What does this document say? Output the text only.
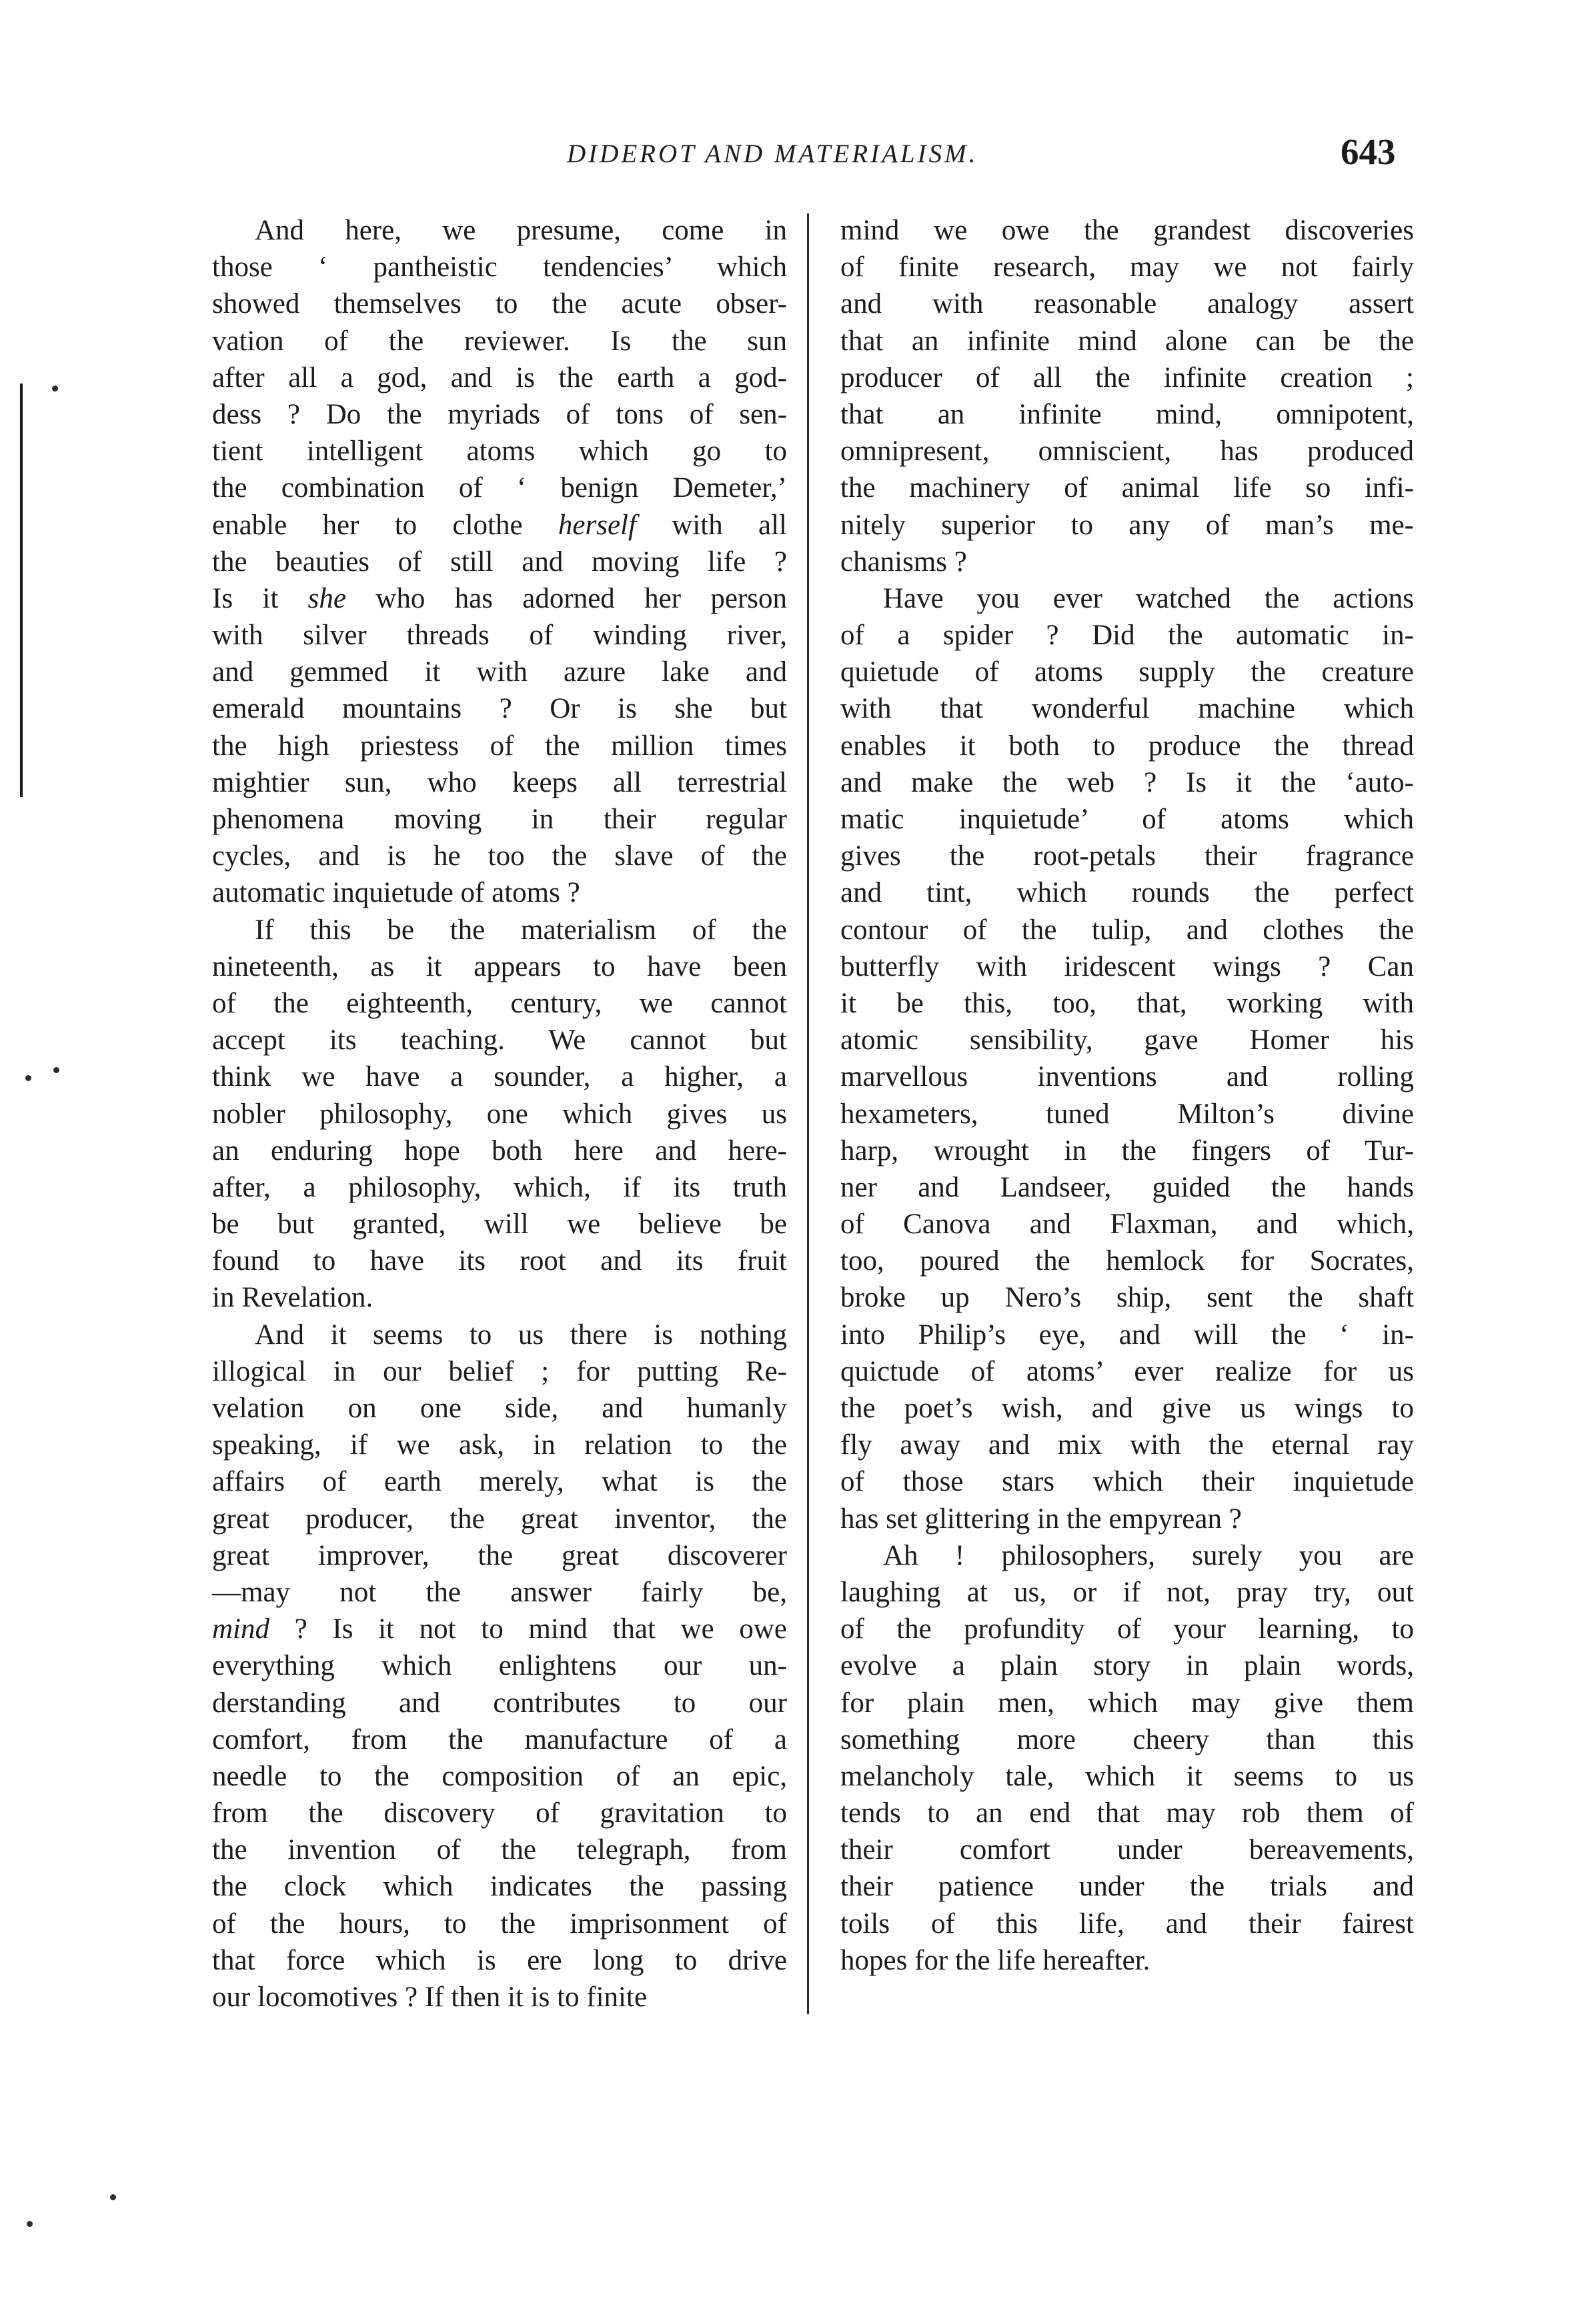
DIDEROT AND MATERIALISM.	643
And here, we presume, come in
those ‘ pantheistic tendencies’ which
showed themselves to the acute obser-
vation of the reviewer. Is the sun
after all a god, and is the earth a god-
dess ? Do the myriads of tons of sen-
tient intelligent atoms which go to
the combination of ‘ benign Demeter,’
enable her to clothe herself with all
the beauties of still and moving life ?
Is it she who has adorned her person
with silver threads of winding river,
and gemmed it with azure lake and
emerald mountains ? Or is she but
the high priestess of the million times
mightier sun, who keeps all terrestrial
phenomena moving in their regular
cycles, and is he too the slave of the
automatic inquietude of atoms ?
If this be the materialism of the
nineteenth, as it appears to have been
of the eighteenth, century, we cannot
accept its teaching. We cannot but
think we have a sounder, a higher, a
nobler philosophy, one which gives us
an enduring hope both here and here-
after, a philosophy, which, if its truth
be but granted, will we believe be
found to have its root and its fruit
in Revelation.
And it seems to us there is nothing
illogical in our belief ; for putting Re-
velation on one side, and humanly
speaking, if we ask, in relation to the
affairs of earth merely, what is the
great producer, the great inventor, the
great improver, the great discoverer
—may not the answer fairly be,
mind ? Is it not to mind that we owe
everything which enlightens our un-
derstanding and contributes to our
comfort, from the manufacture of a
needle to the composition of an epic,
from the discovery of gravitation to
the invention of the telegraph, from
the clock which indicates the passing
of the hours, to the imprisonment of
that force which is ere long to drive
our locomotives ? If then it is to finite
mind we owe the grandest discoveries
of finite research, may we not fairly
and with reasonable analogy assert
that an infinite mind alone can be the
producer of all the infinite creation ;
that an infinite mind, omnipotent,
omnipresent, omniscient, has produced
the machinery of animal life so infi-
nitely superior to any of man’s me-
chanisms ?
Have you ever watched the actions
of a spider ? Did the automatic in-
quietude of atoms supply the creature
with that wonderful machine which
enables it both to produce the thread
and make the web ? Is it the ‘auto-
matic inquietude’ of atoms which
gives the root-petals their fragrance
and tint, which rounds the perfect
contour of the tulip, and clothes the
butterfly with iridescent wings ? Can
it be this, too, that, working with
atomic sensibility, gave Homer his
marvellous inventions and rolling
hexameters, tuned Milton’s divine
harp, wrought in the fingers of Tur-
ner and Landseer, guided the hands
of Canova and Flaxman, and which,
too, poured the hemlock for Socrates,
broke up Nero’s ship, sent the shaft
into Philip’s eye, and will the ‘ in-
quictude of atoms’ ever realize for us
the poet’s wish, and give us wings to
fly away and mix with the eternal ray
of those stars which their inquietude
has set glittering in the empyrean ?
Ah ! philosophers, surely you are
laughing at us, or if not, pray try, out
of the profundity of your learning, to
evolve a plain story in plain words,
for plain men, which may give them
something more cheery than this
melancholy tale, which it seems to us
tends to an end that may rob them of
their comfort under bereavements,
their patience under the trials and
toils of this life, and their fairest
hopes for the life hereafter.
